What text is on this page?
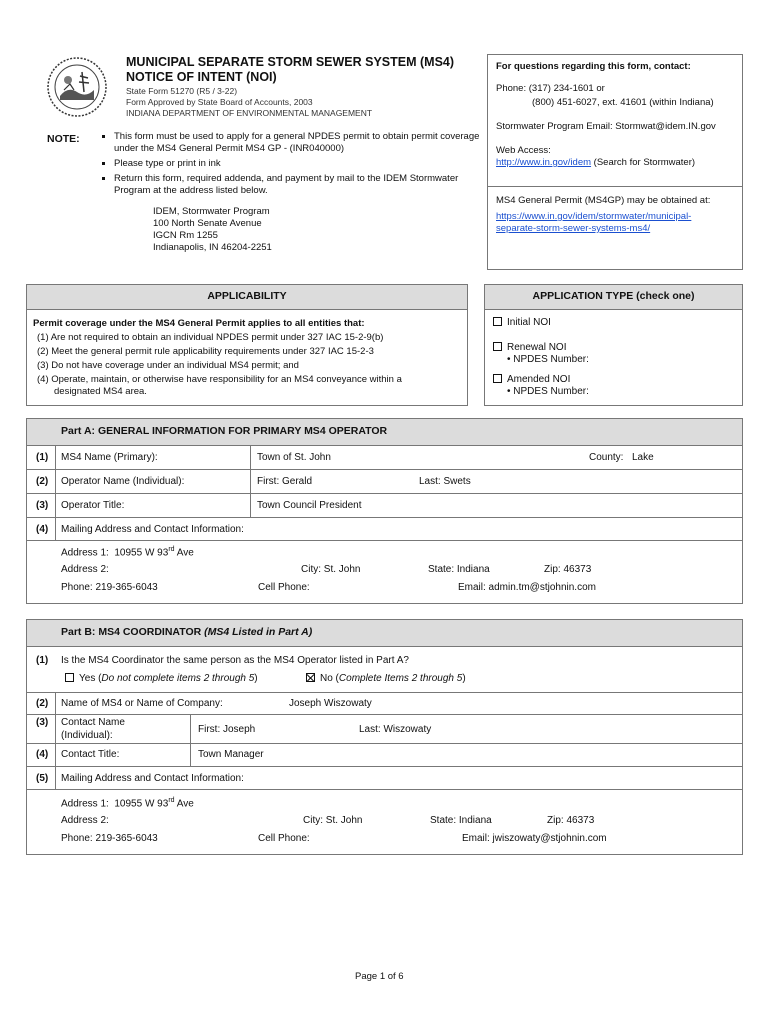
MUNICIPAL SEPARATE STORM SEWER SYSTEM (MS4)
NOTICE OF INTENT (NOI)
State Form 51270 (R5 / 3-22)
Form Approved by State Board of Accounts, 2003
INDIANA DEPARTMENT OF ENVIRONMENTAL MANAGEMENT
NOTE:	▪ This form must be used to apply for a general NPDES permit to obtain permit coverage under the MS4 General Permit MS4 GP - (INR040000)
▪ Please type or print in ink
▪ Return this form, required addenda, and payment by mail to the IDEM Stormwater Program at the address listed below.
IDEM, Stormwater Program
100 North Senate Avenue
IGCN Rm 1255
Indianapolis, IN 46204-2251
For questions regarding this form, contact:
Phone: (317) 234-1601 or
(800) 451-6027, ext. 41601 (within Indiana)
Stormwater Program Email: Stormwat@idem.IN.gov
Web Access:
http://www.in.gov/idem (Search for Stormwater)
MS4 General Permit (MS4GP) may be obtained at:
https://www.in.gov/idem/stormwater/municipal-
separate-storm-sewer-systems-ms4/
APPLICABILITY
Permit coverage under the MS4 General Permit applies to all entities that:
(1) Are not required to obtain an individual NPDES permit under 327 IAC 15-2-9(b)
(2) Meet the general permit rule applicability requirements under 327 IAC 15-2-3
(3) Do not have coverage under an individual MS4 permit; and
(4) Operate, maintain, or otherwise have responsibility for an MS4 conveyance within a
designated MS4 area.
APPLICATION TYPE (check one)
Initial NOI
Renewal NOI
• NPDES Number:
Amended NOI
• NPDES Number:
Part A: GENERAL INFORMATION FOR PRIMARY MS4 OPERATOR
(1) MS4 Name (Primary):	Town of St. John	County: Lake
(2) Operator Name (Individual):	First: Gerald	Last: Swets
(3) Operator Title:	Town Council President
(4) Mailing Address and Contact Information:
Address 1: 10955 W 93rd Ave
Address 2:	City: St. John	State: Indiana	Zip: 46373
Phone: 219-365-6043	Cell Phone:	Email: admin.tm@stjohnin.com
Part B: MS4 COORDINATOR (MS4 Listed in Part A)
(1) Is the MS4 Coordinator the same person as the MS4 Operator listed in Part A?
Yes (Do not complete items 2 through 5)	No (Complete Items 2 through 5)
(2) Name of MS4 or Name of Company:	Joseph Wiszowaty
(3) Contact Name
(Individual):
First: Joseph	Last: Wiszowaty
(4) Contact Title:	Town Manager
(5) Mailing Address and Contact Information:
Address 1: 10955 W 93rd Ave
Address 2:	City: St. John	State: Indiana	Zip: 46373
Phone: 219-365-6043	Cell Phone:	Email: jwiszowaty@stjohnin.com
Page 1 of 6
